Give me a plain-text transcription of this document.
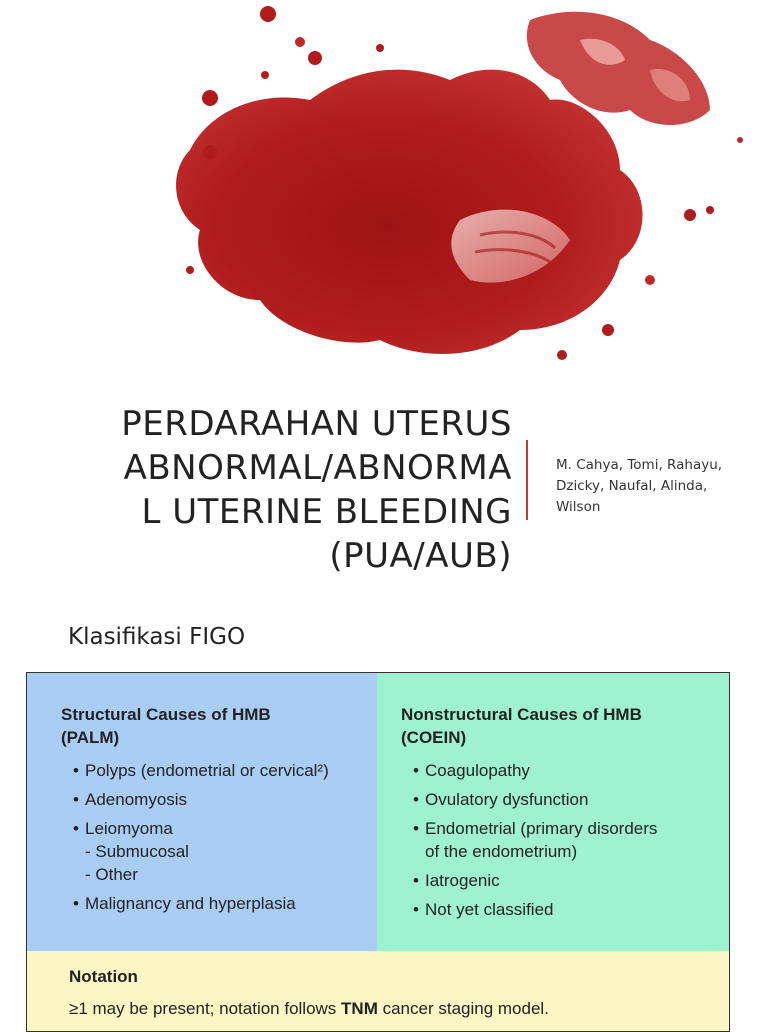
PERDARAHAN UTERUS
ABNORMAL/ABNORMA
L UTERINE BLEEDING
(PUA/AUB)
M. Cahya, Tomi, Rahayu,
Dzicky, Naufal, Alinda,
Wilson
Klasifikasi FIGO
Structural Causes of HMB
(PALM)
• Polyps (endometrial or cervical²)
• Adenomyosis
• Leiomyoma
- Submucosal
- Other
• Malignancy and hyperplasia
Nonstructural Causes of HMB
(COEIN)
• Coagulopathy
• Ovulatory dysfunction
• Endometrial (primary disorders
of the endometrium)
• Iatrogenic
• Not yet classified
Notation
≥1 may be present; notation follows TNM cancer staging model.
